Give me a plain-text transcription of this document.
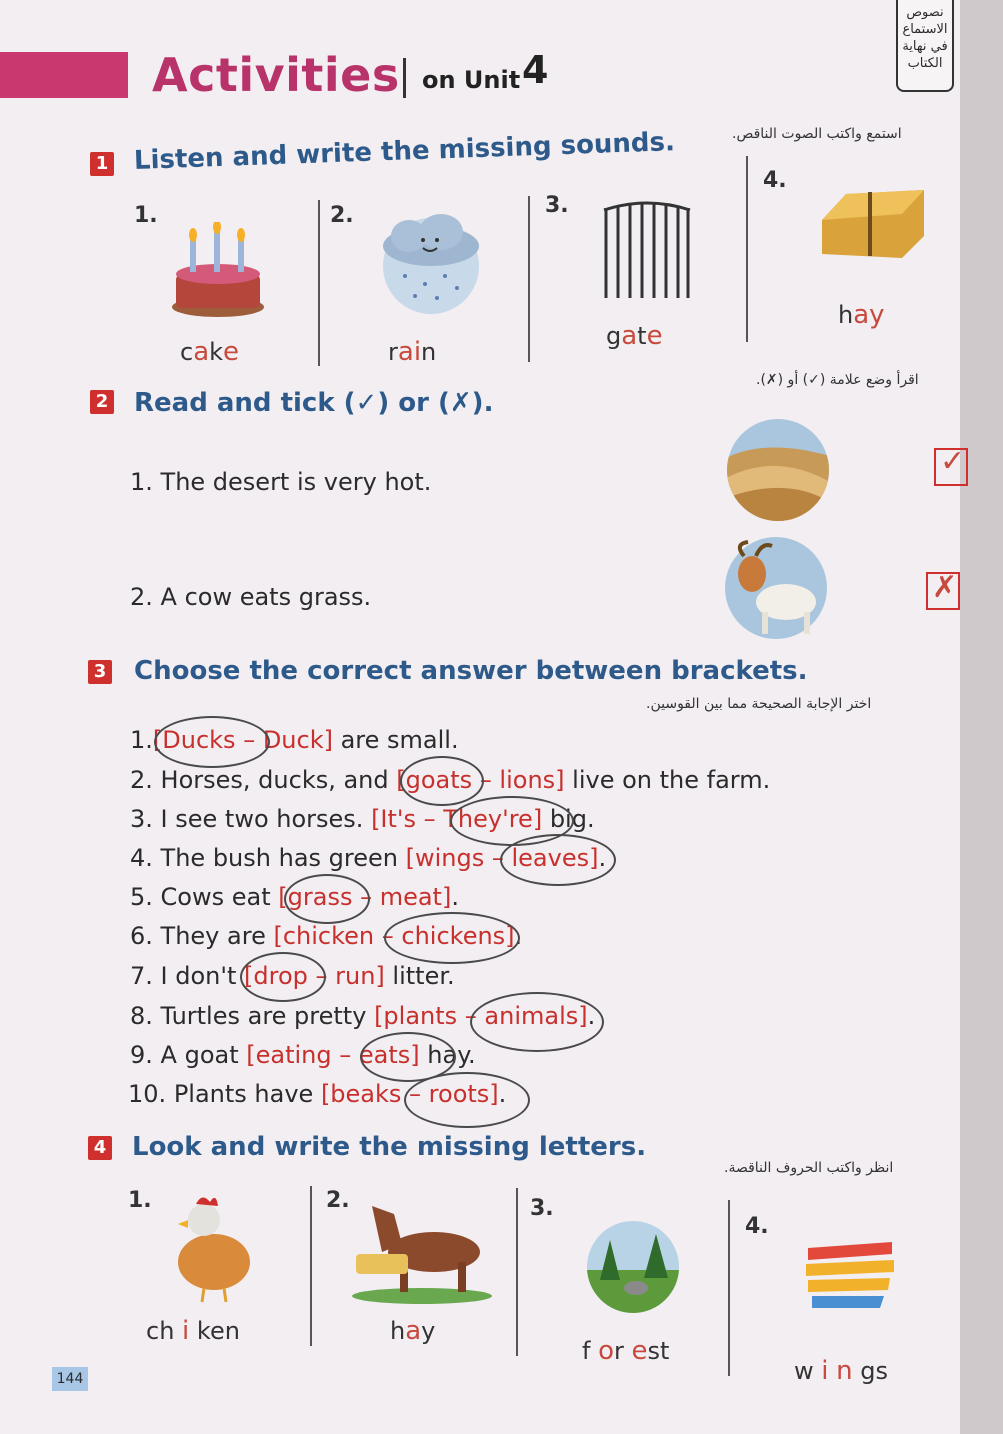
Activities on Unit 4
نصوص الاستماع في نهاية الكتاب
1 Listen and write the missing sounds.	استمع واكتب الصوت الناقص.
1.	2.	3.
4.
cake	rain
gate
hay
2 Read and tick (✓) or (✗).
اقرأ وضع علامة (✓) أو (✗).
1. The desert is very hot.
2. A cow eats grass.
✓
✗
3 Choose the correct answer between brackets.
اختر الإجابة الصحيحة مما بين القوسين.
1.[Ducks – Duck] are small.
2. Horses, ducks, and [goats – lions] live on the farm.
3. I see two horses. [It's – They're] big.
4. The bush has green [wings – leaves].
5. Cows eat [grass – meat].
6. They are [chicken – chickens].
7. I don't [drop – run] litter.
8. Turtles are pretty [plants – animals].
9. A goat [eating – eats] hay.
10. Plants have [beaks – roots].
4 Look and write the missing letters.
انظر واكتب الحروف الناقصة.
1.	2.	3.
4.
ch i ken	hay
f or est
w i n gs
144
